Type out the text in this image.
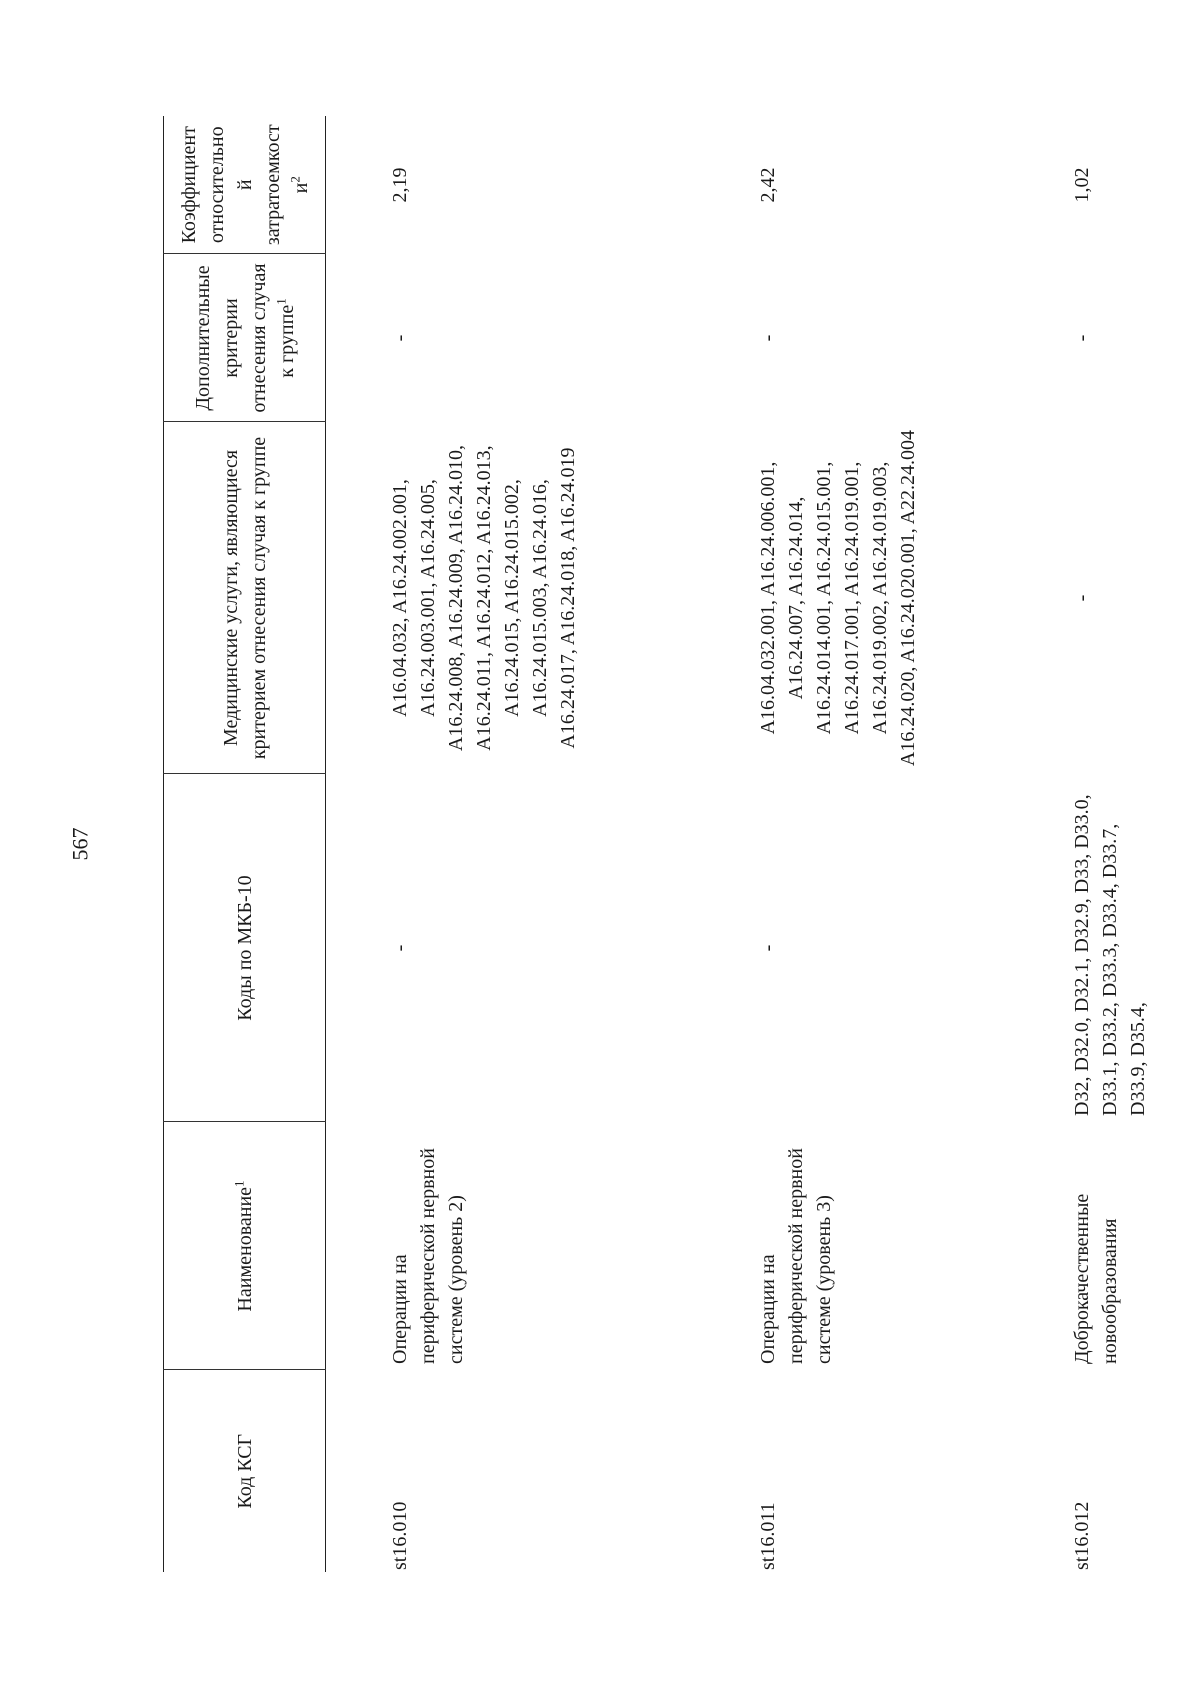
567
Код КСГ	Наименование$^1$	Коды по МКБ-10	Медицинские услуги, являющиеся критерием отнесения случая к группе	Дополнительные критерии отнесения случая к группе$^1$	Коэффициент относительно й затратоемкост $и^2$
st16.010	Операции на периферической нервной системе (уровень 2)	-	A16.04.032, A16.24.002.001, A16.24.003.001, A16.24.005, A16.24.008, A16.24.009, A16.24.010, A16.24.011, A16.24.012, A16.24.013, A16.24.015, A16.24.015.002, A16.24.015.003, A16.24.016, A16.24.017, A16.24.018, A16.24.019	-	2,19
st16.011	Операции на периферической нервной системе (уровень 3)	-	A16.04.032.001, A16.24.006.001, A16.24.007, A16.24.014, A16.24.014.001, A16.24.015.001, A16.24.017.001, A16.24.019.001, A16.24.019.002, A16.24.019.003, A16.24.020, A16.24.020.001, A22.24.004	-	2,42
st16.012	Доброкачественные новообразования	D32, D32.0, D32.1, D32.9, D33, D33.0, D33.1, D33.2, D33.3, D33.4, D33.7, D33.9, D35.4,	-	-	1,02
